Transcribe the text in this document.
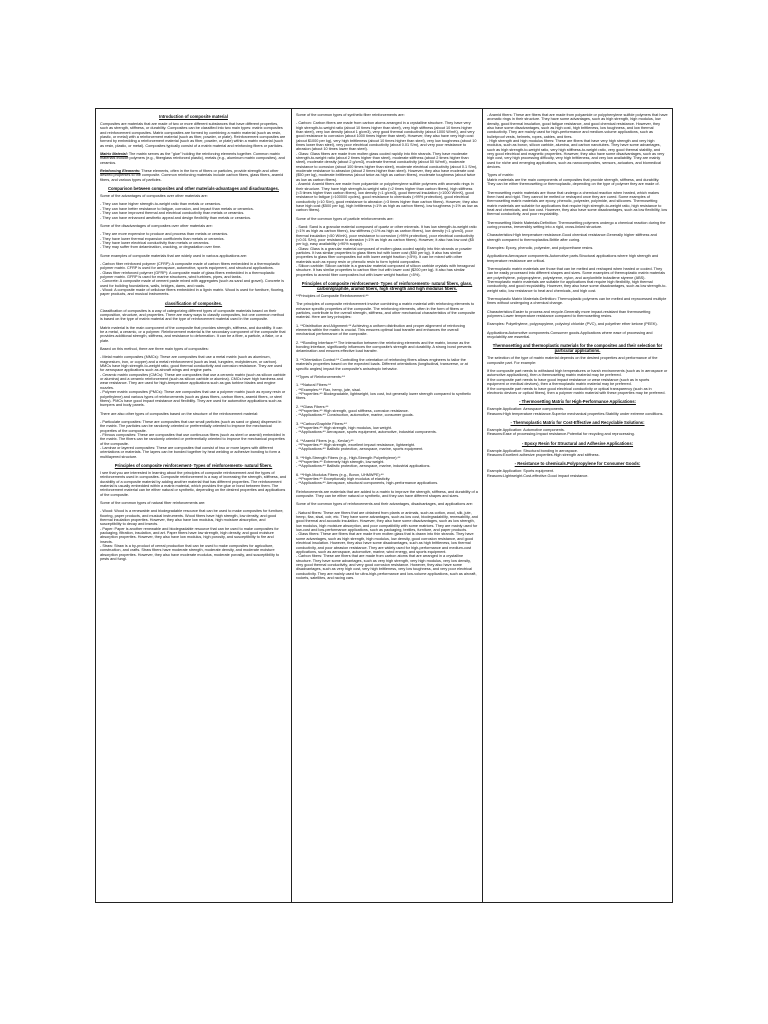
Introduction of composite material

Composites are materials that are made of two or more different substances that have different properties, such as strength, stiffness, or durability. Composites can be classified into two main types: matrix composites and reinforcement composites. Matrix composites are formed by combining a matrix material (such as resin, plastic, or metal) with a reinforcement material (such as fiber, powder, or plate). Reinforcement composites are formed by embedding a reinforcement material (such as fiber, powder, or plate) within a matrix material (such as resin, plastic, or metal). Composites typically consist of a matrix material and reinforcing fibers or particles.

Matrix Material: The matrix serves as the "glue" holding the reinforcing elements together. Common matrix materials include polymers (e.g., fiberglass reinforced plastic), metals (e.g., aluminum matrix composites), and ceramics.

Reinforcing Elements: These elements, often in the form of fibers or particles, provide strength and other desired properties to the composite. Common reinforcing materials include carbon fibers, glass fibers, aramid fibers, and various types of particles.

Comparison between composites and other materials-advantages and disadvantages.

Some of the advantages of composites over other materials are:

- They can have higher strength-to-weight ratio than metals or ceramics.
- They can have better resistance to fatigue, corrosion, and impact than metals or ceramics.
- They can have improved thermal and electrical conductivity than metals or ceramics.
- They can have enhanced aesthetic appeal and design flexibility than metals or ceramics.

Some of the disadvantages of composites over other materials are:

- They are more expensive to produce and process than metals or ceramics.
- They have lower thermal expansion coefficients than metals or ceramics.
- They have lower electrical conductivity than metals or ceramics.
- They may suffer from delamination, cracking, or degradation over time.

Some examples of composite materials that are widely used in various applications are:

- Carbon fiber reinforced polymer (CFRP): A composite made of carbon fibers embedded in a thermoplastic polymer matrix. CFRP is used for aerospace, automotive, sports equipment, and structural applications.
- Glass fiber reinforced polymer (GFRP): A composite made of glass fibers embedded in a thermoplastic polymer matrix. GFRP is used for marine structures, wind turbines, pipes, and tanks.
- Concrete: A composite made of cement paste mixed with aggregates (such as sand and gravel). Concrete is used for building foundations, walls, bridges, dams, and roads.
- Wood: A composite made of cellulose fibers embedded in a lignin matrix. Wood is used for furniture, flooring, paper products, and musical instruments.

classification of composites.

Classification of composites is a way of categorizing different types of composite materials based on their composition, structure, and properties. There are many ways to classify composites, but one common method is based on the type of matrix material and the type of reinforcement material used in the composite.

Matrix material is the main component of the composite that provides strength, stiffness, and durability. It can be a metal, a ceramic, or a polymer. Reinforcement material is the secondary component of the composite that provides additional strength, stiffness, and resistance to deformation. It can be a fiber, a particle, a flake, or a plate.

Based on this method, there are three main types of composites:

- Metal matrix composites (MMCs): These are composites that use a metal matrix (such as aluminum, magnesium, iron, or copper) and a metal reinforcement (such as lead, tungsten, molybdenum, or carbon). MMCs have high strength-to-weight ratio, good thermal conductivity and corrosion resistance. They are used for aerospace applications such as aircraft wings and engine parts.
- Ceramic matrix composites (CMCs): These are composites that use a ceramic matrix (such as silicon carbide or alumina) and a ceramic reinforcement (such as silicon carbide or alumina). CMCs have high hardness and wear resistance. They are used for high-temperature applications such as gas turbine blades and engine nozzles.
- Polymer matrix composites (PMCs): These are composites that use a polymer matrix (such as epoxy resin or polyethylene) and various types of reinforcements (such as glass fibers, carbon fibers, aramid fibers, or steel fibers). PMCs have good impact resistance and flexibility. They are used for automotive applications such as bumpers and body panels.

There are also other types of composites based on the structure of the reinforcement material:

- Particulate composites: These are composites that use small particles (such as sand or glass) dispersed in the matrix. The particles can be randomly oriented or preferentially oriented to improve the mechanical properties of the composite.
- Fibrous composites: These are composites that use continuous fibers (such as steel or aramid) embedded in the matrix. The fibers can be randomly oriented or preferentially oriented to improve the mechanical properties of the composite.
- Laminar or layered composites: These are composites that consist of two or more layers with different orientations or materials. The layers can be bonded together by heat welding or adhesive bonding to form a multilayered structure.

Principles of composite reinforcement- Types of reinforcements- natural fibers.

I see that you are interested in learning about the principles of composite reinforcement and the types of reinforcements used in composites. Composite reinforcement is a way of increasing the strength, stiffness, and durability of a composite material by adding another material that has different properties. The reinforcement material is usually embedded within a matrix material, which provides the glue or bond between them. The reinforcement material can be either natural or synthetic, depending on the desired properties and applications of the composite.

Some of the common types of natural fiber reinforcements are:

- Wood: Wood is a renewable and biodegradable resource that can be used to make composites for furniture, flooring, paper products, and musical instruments. Wood fibers have high strength, low density, and good thermal insulation properties. However, they also have low modulus, high moisture absorption, and susceptibility to decay and insects.
- Paper: Paper is another renewable and biodegradable resource that can be used to make composites for packaging, filtration, insulation, and art. Paper fibers have low strength, high density, and good moisture absorption properties. However, they also have low modulus, high porosity, and susceptibility to fire and insects.
- Straw: Straw is a by-product of cereal production that can be used to make composites for agriculture, construction, and crafts. Straw fibers have moderate strength, moderate density, and moderate moisture absorption properties. However, they also have moderate modulus, moderate porosity, and susceptibility to pests and fungi.

Some of the common types of synthetic fiber reinforcements are:

- Carbon: Carbon fibers are made from carbon atoms arranged in a crystalline structure. They have very high strength-to-weight ratio (about 10 times higher than steel), very high stiffness (about 10 times higher than steel), very low density (about 1 g/cm3), very good thermal conductivity (about 1000 W/mK), and very good resistance to corrosion (about 1000 times higher than steel). However, they also have very high cost (about $1000 per kg), very high brittleness (about 10 times higher than steel), very low toughness (about 10 times lower than steel), very poor electrical conductivity (about 0.01 S/m), and very poor resistance to abrasion (about 10 times lower than steel).
- Glass: Glass fibers are made from molten glass cooled rapidly into thin strands. They have moderate strength-to-weight ratio (about 2 times higher than steel), moderate stiffness (about 2 times higher than steel), moderate density (about 2 g/cm3), moderate thermal conductivity (about 50 W/mK), moderate resistance to corrosion (about 100 times higher than steel), moderate electrical conductivity (about 0.1 S/m), moderate resistance to abrasion (about 2 times higher than steel). However, they also have moderate cost ($50 per kg), moderate brittleness (about twice as high as carbon fibers), moderate toughness (about twice as low as carbon fibers).
- Aramid: Aramid fibers are made from polyamide or polyphenylene sulfide polymers with aromatic rings in their structure. They have high strength-to-weight ratio (<2 times higher than carbon fibers), high stiffness (<3 times higher than carbon fibers), low density (<1 g/cm3), good thermal insulation (>1000 W/mK), good resistance to fatigue (>100000 cycles), good resistance to chemicals (>99% protection), good electrical conductivity (>10 S/m), good resistance to abrasion (>3 times higher than carbon fibers). However, they also have high cost ($500 per kg), high brittleness (<1% as high as carbon fibers), low toughness (<1% as low as carbon fibers).

Some of the common types of particle reinforcements are:

- Sand: Sand is a granular material composed of quartz or other minerals. It has low strength-to-weight ratio (<1% as high as carbon fibers), low stiffness (<1% as high as carbon fibers), low density (<1 g/cm3), poor thermal insulation (<50 W/mK), poor resistance to corrosion (>99% protection), poor electrical conductivity (<0.01 S/m), poor resistance to abrasion (<1% as high as carbon fibers). However, it also has low cost ($5 per kg), easy availability (>90% supply).
- Glass: Glass is a granular material composed of molten glass cooled rapidly into thin strands or powder particles. It has similar properties to glass fibers but with lower cost ($50 per kg). It also has similar properties to glass fiber composites but with lower weight fraction (<5%). It can be mixed with other materials such as epoxy resin or phenolic resin to form hybrid composites.
- Silicon carbide: Silicon carbide is a granular material composed of silicon carbide crystals with hexagonal structure. It has similar properties to carbon fiber but with lower cost ($200 per kg). It also has similar properties to aramid fiber composites but with lower weight fraction (<5%).

Principles of composite reinforcement- Types of reinforcements- natural fibers, glass, carbon/graphite, aramid fibers, high strength and high modulus fibers.

**Principles of Composite Reinforcement:**

The principles of composite reinforcement involve combining a matrix material with reinforcing elements to enhance specific properties of the composite. The reinforcing elements, often in the form of fibers or particles, contribute to the overall strength, stiffness, and other mechanical characteristics of the composite material. Here are key principles:

1. **Distribution and Alignment:** Achieving a uniform distribution and proper alignment of reinforcing elements within the matrix is crucial. This ensures optimal load transfer and enhances the overall mechanical performance of the composite.

2. **Bonding Interface:** The interaction between the reinforcing elements and the matrix, known as the bonding interface, significantly influences the composite's strength and durability. A strong bond prevents delamination and ensures effective load transfer.

3. **Orientation Control:** Controlling the orientation of reinforcing fibers allows engineers to tailor the material's properties based on the expected loads. Different orientations (longitudinal, transverse, or at specific angles) impact the composite's anisotropic behavior.

**Types of Reinforcements:**

1. **Natural Fibers:**
- **Examples:** Flax, hemp, jute, sisal.
- **Properties:** Biodegradable, lightweight, low cost, but generally lower strength compared to synthetic fibers.

2. **Glass Fibers:**
- **Properties:** High strength, good stiffness, corrosion resistance.
- **Applications:** Construction, automotive, marine, consumer goods.

3. **Carbon/Graphite Fibers:**
- **Properties:** High strength, high modulus, low weight.
- **Applications:** Aerospace, sports equipment, automotive, industrial components.

4. **Aramid Fibers (e.g., Kevlar):**
- **Properties:** High strength, excellent impact resistance, lightweight.
- **Applications:** Ballistic protection, aerospace, marine, sports equipment.

5. **High-Strength Fibers (e.g., High-Strength Polyethylene):**
- **Properties:** Extremely high strength, low weight.
- **Applications:** Ballistic protection, aerospace, marine, industrial applications.

6. **High-Modulus Fibers (e.g., Boron, UHMWPE):**
- **Properties:** Exceptionally high modulus of elasticity.
- **Applications:** Aerospace, structural components, high-performance applications.

Reinforcements are materials that are added to a matrix to improve the strength, stiffness, and durability of a composite. They can be either natural or synthetic, and they can have different shapes and sizes.

Some of the common types of reinforcements and their advantages, disadvantages, and applications are:

- Natural fibers: These are fibers that are obtained from plants or animals, such as cotton, wool, silk, jute, hemp, flax, sisal, coir, etc. They have some advantages, such as low cost, biodegradability, renewability, and good thermal and acoustic insulation. However, they also have some disadvantages, such as low strength, low modulus, high moisture absorption, and poor compatibility with some matrices. They are mainly used for low-cost and low-performance applications, such as packaging, textiles, furniture, and paper products.
- Glass fibers: These are fibers that are made from molten glass that is drawn into thin strands. They have some advantages, such as high strength, high modulus, low density, good corrosion resistance, and good electrical insulation. However, they also have some disadvantages, such as high brittleness, low thermal conductivity, and poor abrasion resistance. They are widely used for high-performance and medium-cost applications, such as aerospace, automotive, marine, wind energy, and sports equipment.
- Carbon fibers: These are fibers that are made from carbon atoms that are arranged in a crystalline structure. They have some advantages, such as very high strength, very high modulus, very low density, very good thermal conductivity, and very good corrosion resistance. However, they also have some disadvantages, such as very high cost, very high brittleness, very low toughness, and very poor electrical conductivity. They are mainly used for ultra-high-performance and low-volume applications, such as aircraft, rockets, satellites, and racing cars.

- Aramid fibers: These are fibers that are made from polyamide or polyphenylene sulfide polymers that have aromatic rings in their structure. They have some advantages, such as high strength, high modulus, low density, good thermal insulation, good fatigue resistance, and good chemical resistance. However, they also have some disadvantages, such as high cost, high brittleness, low toughness, and low thermal conductivity. They are mainly used for high-performance and medium-volume applications, such as bulletproof vests, helmets, ropes, cables, and tires.
- High strength and high modulus fibers: These are fibers that have very high strength and very high modulus, such as boron, silicon carbide, alumina, and carbon nanotubes. They have some advantages, such as high strength-to-weight ratio, very high stiffness-to-weight ratio, very good thermal stability, and very good electrical and magnetic properties. However, they also have some disadvantages, such as very high cost, very high processing difficulty, very high brittleness, and very low availability. They are mainly used for niche and emerging applications, such as nanocomposites, sensors, actuators, and biomedical devices.

Types of matrix:
Matrix materials are the main components of composites that provide strength, stiffness, and durability. They can be either thermosetting or thermoplastic, depending on the type of polymer they are made of.

Thermosetting matrix materials are those that undergo a chemical reaction when heated, which makes them hard and rigid. They cannot be melted or reshaped once they are cured. Some examples of thermosetting matrix materials are epoxy, phenolic, polyester, polyimide, and silicones. Thermosetting matrix materials are suitable for applications that require high strength-to-weight ratio, high resistance to heat and chemicals, and low cost. However, they also have some disadvantages, such as low flexibility, low thermal conductivity, and poor recyclability.

Thermosetting Matrix Materials:Definition: Thermosetting polymers undergo a chemical reaction during the curing process, irreversibly setting into a rigid, cross-linked structure.

Characteristics:High temperature resistance.Good chemical resistance.Generally higher stiffness and strength compared to thermoplastics.Brittle after curing.

Examples: Epoxy, phenolic, polyester, and polyurethane resins.

Applications:Aerospace components.Automotive parts.Structural applications where high strength and temperature resistance are critical.

Thermoplastic matrix materials are those that can be melted and reshaped when heated or cooled. They can be easily processed into different shapes and sizes. Some examples of thermoplastic matrix materials are polyethylene, polypropylene, polystyrene, nylon, and acrylonitrile butadiene styrene (ABS). Thermoplastic matrix materials are suitable for applications that require high flexibility, high thermal conductivity, and good recyclability. However, they also have some disadvantages, such as low strength-to-weight ratio, low resistance to heat and chemicals, and high cost.

Thermoplastic Matrix Materials:Definition: Thermoplastic polymers can be melted and reprocessed multiple times without undergoing a chemical change.

Characteristics:Easier to process and recycle.Generally more impact-resistant than thermosetting polymers.Lower temperature resistance compared to thermosetting resins.

Examples: Polyethylene, polypropylene, polyvinyl chloride (PVC), and polyether ether ketone (PEEK).

Applications:Automotive components.Consumer goods.Applications where ease of processing and recyclability are essential.

Thermosetting and thermoplastic materials for the composites and their selection for particular applications.

The selection of the type of matrix material depends on the desired properties and performance of the composite part. For example:

If the composite part needs to withstand high temperatures or harsh environments (such as in aerospace or automotive applications), then a thermosetting matrix material may be preferred.
If the composite part needs to have good impact resistance or wear resistance (such as in sports equipment or medical devices), then a thermoplastic matrix material may be preferred.
If the composite part needs to have good electrical conductivity or optical transparency (such as in electronic devices or optical fibers), then a polymer matrix material with these properties may be preferred.

- Thermosetting Matrix for High-Performance Applications:

Example Application: Aerospace components.
Reasons:High temperature resistance.Superior mechanical properties.Stability under extreme conditions.

- Thermoplastic Matrix for Cost-Effective and Recyclable Solutions:

Example Application: Automotive components.
Reasons:Ease of processing.Impact resistance.Potential for recycling and reprocessing.

- Epoxy Resin for Structural and Adhesive Applications:

Example Application: Structural bonding in aerospace.
Reasons:Excellent adhesive properties.High strength and stiffness.

- Resistance to chemicals.Polypropylene for Consumer Goods:

Example Application: Sports equipment.
Reasons:Lightweight.Cost-effective.Good impact resistance.
